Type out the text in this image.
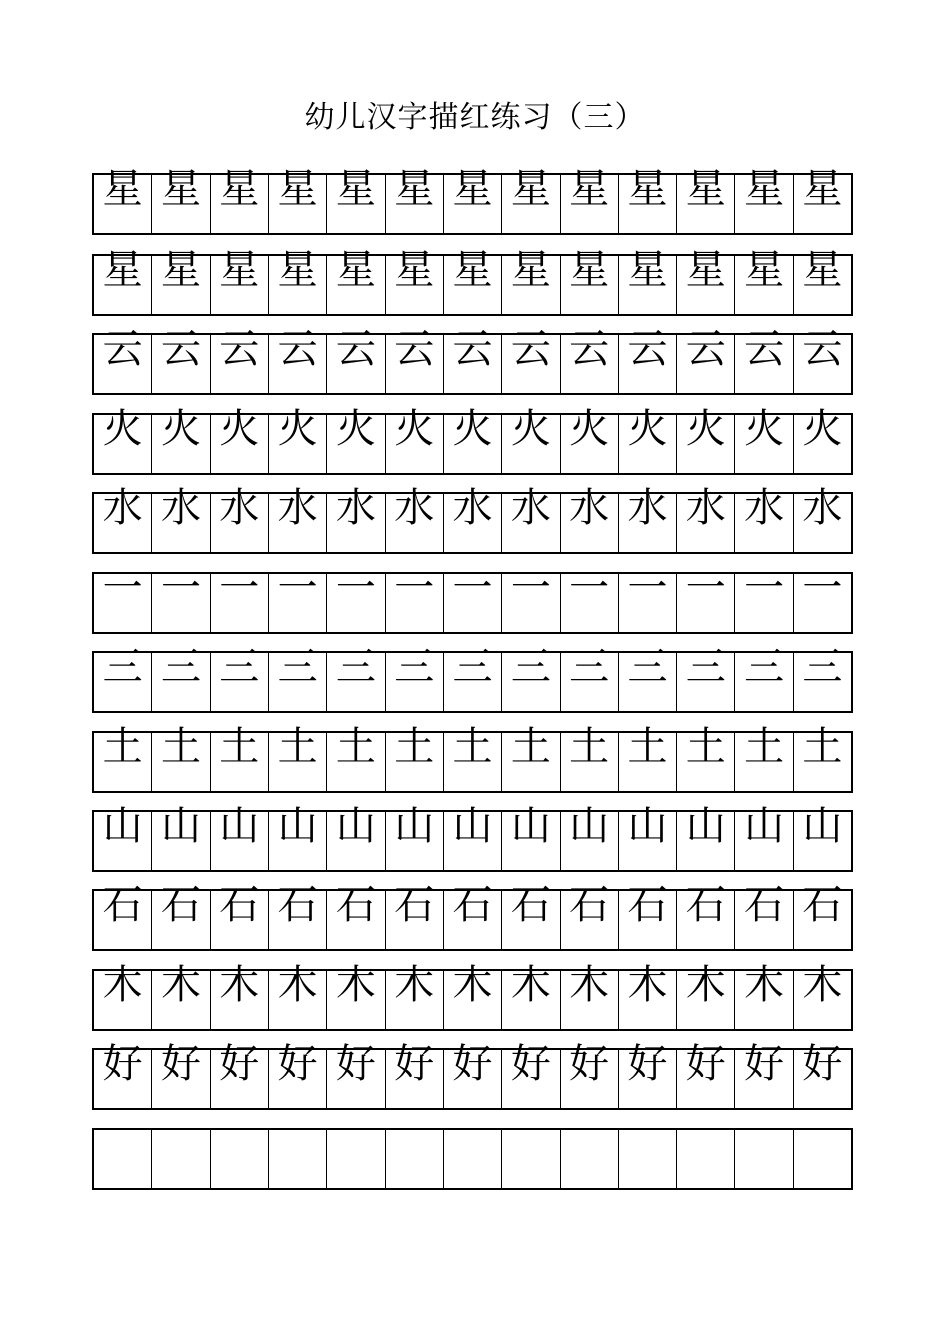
幼儿汉字描红练习（三）
星 星 星 星 星 星 星 星 星 星 星 星 星
星 星 星 星 星 星 星 星 星 星 星 星 星
云 云 云 云 云 云 云 云 云 云 云 云 云
火 火 火 火 火 火 火 火 火 火 火 火 火
水 水 水 水 水 水 水 水 水 水 水 水 水
一 一 一 一 一 一 一 一 一 一 一 一 一
三 三 三 三 三 三 三 三 三 三 三 三 三
土 土 土 土 土 土 土 土 土 土 土 土 土
山 山 山 山 山 山 山 山 山 山 山 山 山
石 石 石 石 石 石 石 石 石 石 石 石 石
木 木 木 木 木 木 木 木 木 木 木 木 木
好 好 好 好 好 好 好 好 好 好 好 好 好
